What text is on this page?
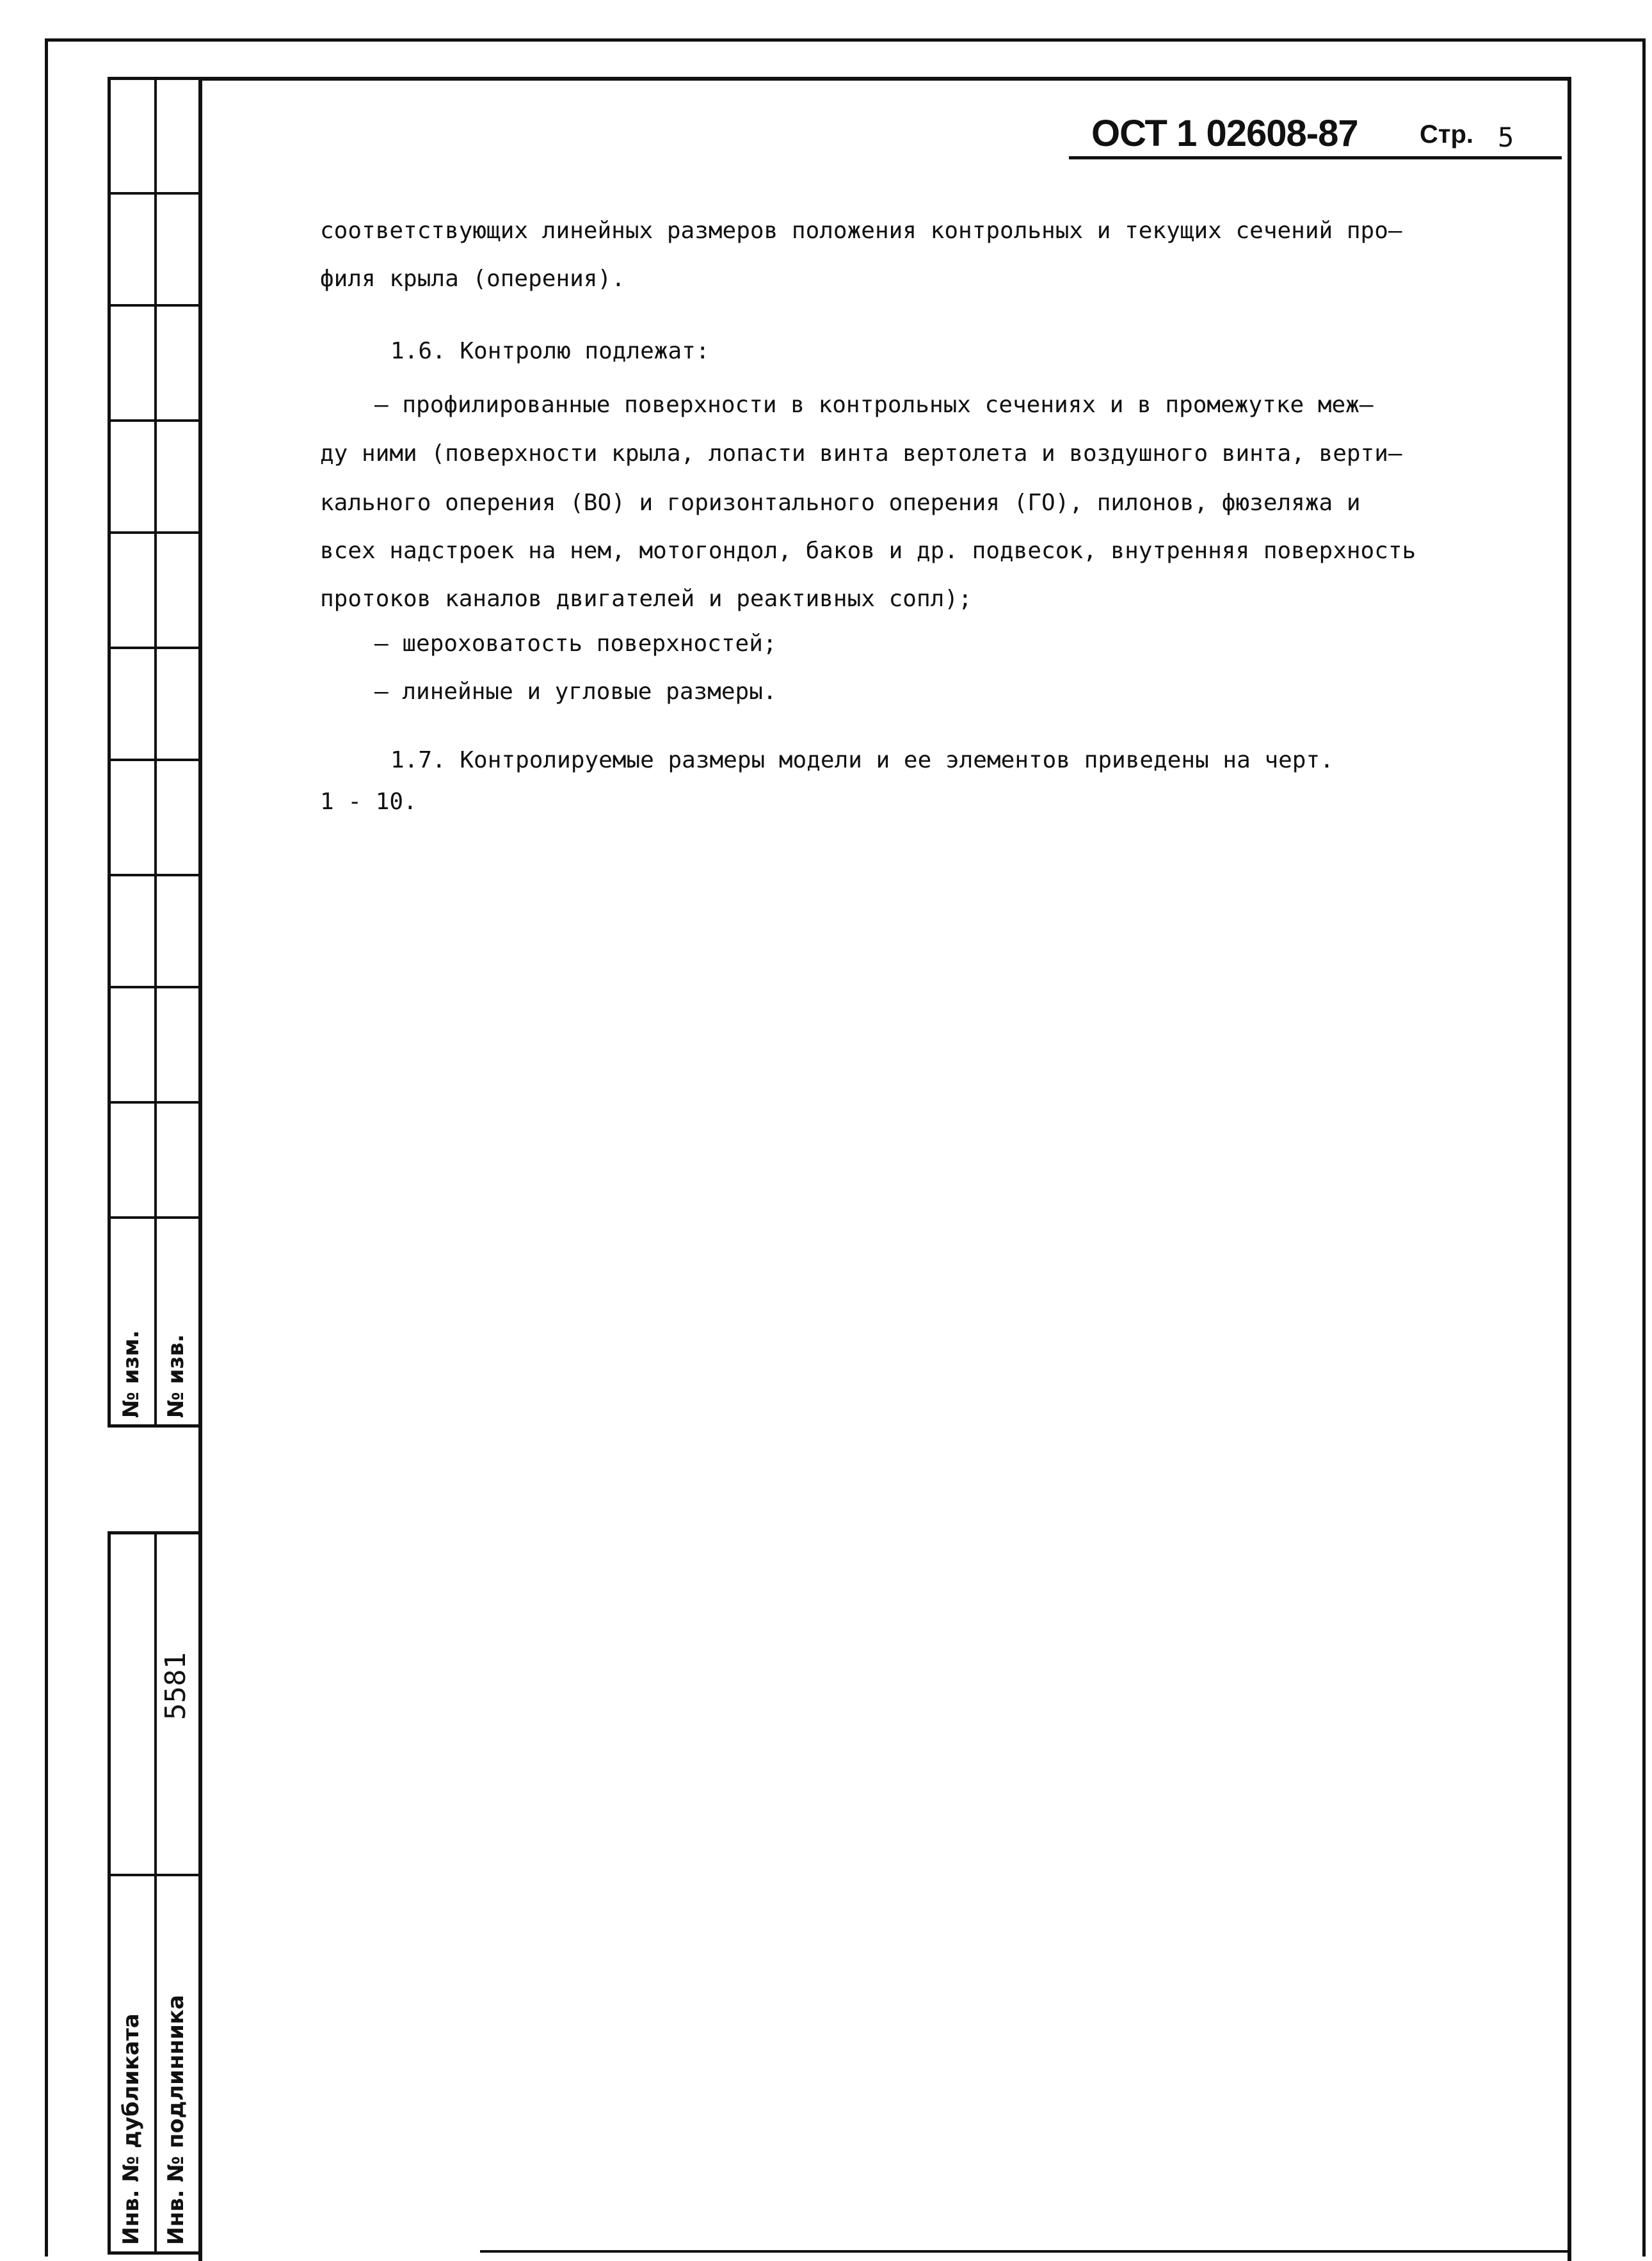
№ изм. № изв.
5581
Инв. № дубликата Инв. № подлинника
ОСТ 1 02608-87 Стр. 5
соответствующих линейных размеров положения контрольных и текущих сечений про–
филя крыла (оперения).
1.6. Контролю подлежат:
– профилированные поверхности в контрольных сечениях и в промежутке меж–
ду ними (поверхности крыла, лопасти винта вертолета и воздушного винта, верти–
кального оперения (ВО) и горизонтального оперения (ГО), пилонов, фюзеляжа и
всех надстроек на нем, мотогондол, баков и др. подвесок, внутренняя поверхность
протоков каналов двигателей и реактивных сопл);
– шероховатость поверхностей;
– линейные и угловые размеры.
1.7. Контролируемые размеры модели и ее элементов приведены на черт.
1 - 10.
